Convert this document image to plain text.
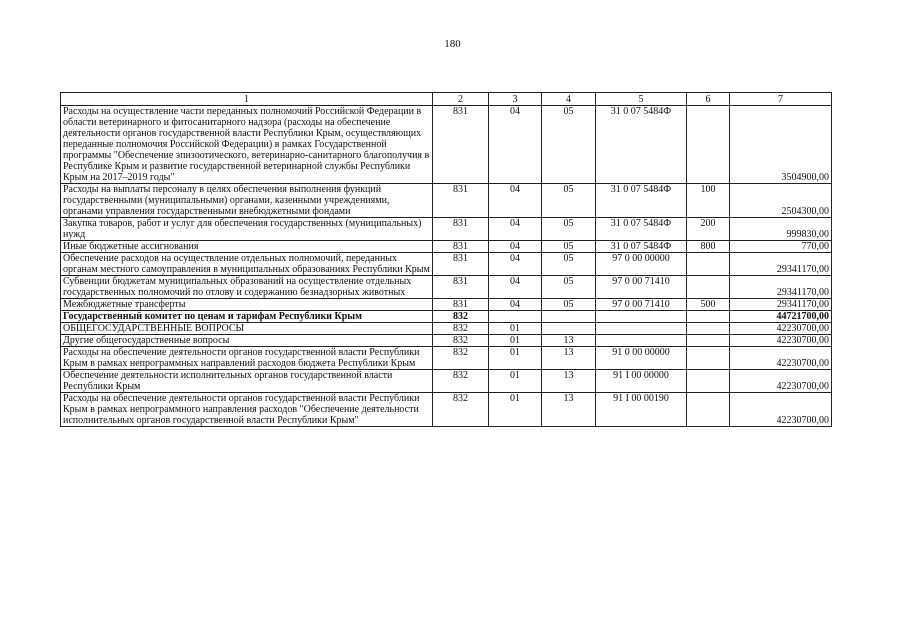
180
1	2	3	4	5	6	7
Расходы на осуществление части переданных полномочий Российской Федерации в области ветеринарного и фитосанитарного надзора (расходы на обеспечение деятельности органов государственной власти Республики Крым, осуществляющих переданные полномочия Российской Федерации) в рамках Государственной программы "Обеспечение эпизоотического, ветеринарно-санитарного благополучия в Республике Крым и развитие государственной ветеринарной службы Республики Крым на 2017–2019 годы"	831	04	05	31 0 07 5484Ф		3504900,00
Расходы на выплаты персоналу в целях обеспечения выполнения функций государственными (муниципальными) органами, казенными учреждениями, органами управления государственными внебюджетными фондами	831	04	05	31 0 07 5484Ф	100	2504300,00
Закупка товаров, работ и услуг для обеспечения государственных (муниципальных) нужд	831	04	05	31 0 07 5484Ф	200	999830,00
Иные бюджетные ассигнования	831	04	05	31 0 07 5484Ф	800	770,00
Обеспечение расходов на осуществление отдельных полномочий, переданных органам местного самоуправления в муниципальных образованиях Республики Крым	831	04	05	97 0 00 00000		29341170,00
Субвенции бюджетам муниципальных образований на осуществление отдельных государственных полномочий по отлову и содержанию безнадзорных животных	831	04	05	97 0 00 71410		29341170,00
Межбюджетные трансферты	831	04	05	97 0 00 71410	500	29341170,00
Государственный комитет по ценам и тарифам Республики Крым	832					44721700,00
ОБЩЕГОСУДАРСТВЕННЫЕ ВОПРОСЫ	832	01				42230700,00
Другие общегосударственные вопросы	832	01	13			42230700,00
Расходы на обеспечение деятельности органов государственной власти Республики Крым в рамках непрограммных направлений расходов бюджета Республики Крым	832	01	13	91 0 00 00000		42230700,00
Обеспечение деятельности исполнительных органов государственной власти Республики Крым	832	01	13	91 I 00 00000		42230700,00
Расходы на обеспечение деятельности органов государственной власти Республики Крым в рамках непрограммного направления расходов "Обеспечение деятельности исполнительных органов государственной власти Республики Крым"	832	01	13	91 I 00 00190		42230700,00
